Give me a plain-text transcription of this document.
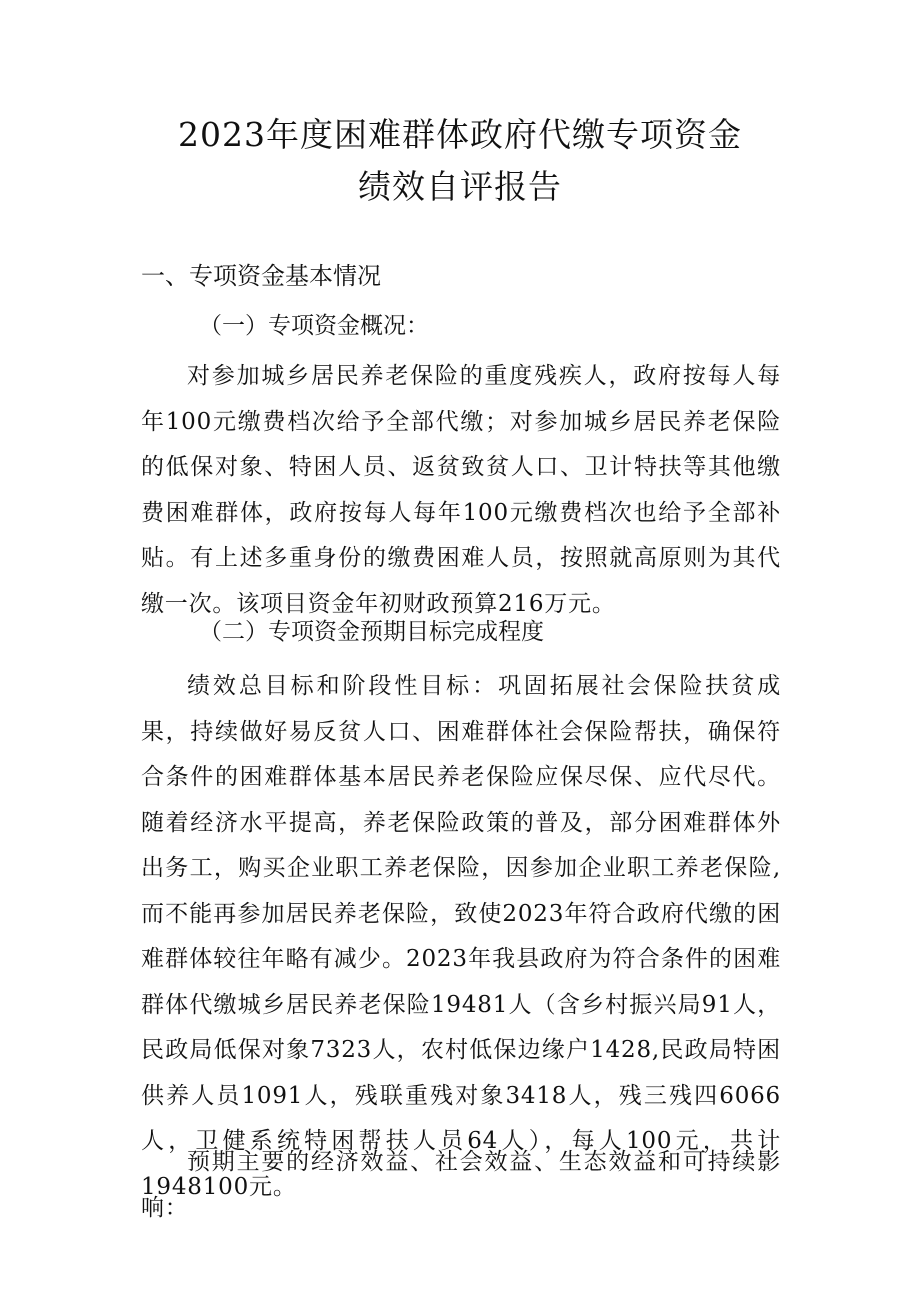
2023年度困难群体政府代缴专项资金
绩效自评报告
一、专项资金基本情况
（一）专项资金概况：
对参加城乡居民养老保险的重度残疾人，政府按每人每年100元缴费档次给予全部代缴；对参加城乡居民养老保险的低保对象、特困人员、返贫致贫人口、卫计特扶等其他缴费困难群体，政府按每人每年100元缴费档次也给予全部补贴。有上述多重身份的缴费困难人员，按照就高原则为其代缴一次。该项目资金年初财政预算216万元。
（二）专项资金预期目标完成程度
绩效总目标和阶段性目标：巩固拓展社会保险扶贫成果，持续做好易反贫人口、困难群体社会保险帮扶，确保符合条件的困难群体基本居民养老保险应保尽保、应代尽代。随着经济水平提高，养老保险政策的普及，部分困难群体外出务工，购买企业职工养老保险，因参加企业职工养老保险,而不能再参加居民养老保险，致使2023年符合政府代缴的困难群体较往年略有减少。2023年我县政府为符合条件的困难群体代缴城乡居民养老保险19481人（含乡村振兴局91人，民政局低保对象7323人，农村低保边缘户1428,民政局特困供养人员1091人，残联重残对象3418人，残三残四6066人，卫健系统特困帮扶人员64人），每人100元，共计1948100元。
预期主要的经济效益、社会效益、生态效益和可持续影响：
